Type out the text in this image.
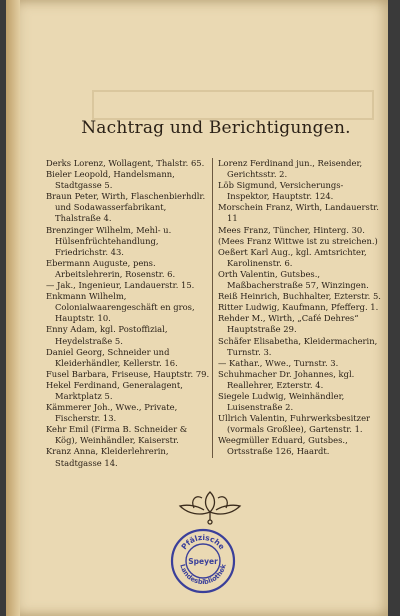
Nachtrag und Berichtigungen.
Derks Lorenz, Wollagent, Thalstr. 65.
Bieler Leopold, Handelsmann, Stadtgasse 5.
Braun Peter, Wirth, Flaschenbierhdlr. und Sodawasserfabrikant, Thalstraße 4.
Brenzinger Wilhelm, Mehl- u. Hülsenfrüchtehandlung, Friedrichstr. 43.
Ebermann Auguste, pens. Arbeitslehrerin, Rosenstr. 6.
— Jak., Ingenieur, Landauerstr. 15.
Enkmann Wilhelm, Colonialwaarengeschäft en gros, Hauptstr. 10.
Enny Adam, kgl. Postoffizial, Heydelstraße 5.
Daniel Georg, Schneider und Kleiderhändler, Kellerstr. 16.
Fusel Barbara, Friseuse, Hauptstr. 79.
Hekel Ferdinand, Generalagent, Marktplatz 5.
Kämmerer Joh., Wwe., Private, Fischerstr. 13.
Kehr Emil (Firma B. Schneider & Kög), Weinhändler, Kaiserstr.
Kranz Anna, Kleiderlehrerin, Stadtgasse 14.
Lorenz Ferdinand jun., Reisender, Gerichtsstr. 2.
Löb Sigmund, Versicherungs-Inspektor, Hauptstr. 124.
Morschein Franz, Wirth, Landauerstr. 11
Mees Franz, Tüncher, Hinterg. 30.
(Mees Franz Wittwe ist zu streichen.)
Oeßert Karl Aug., kgl. Amtsrichter, Karolinenstr. 6.
Orth Valentin, Gutsbes., Maßbacherstraße 57, Winzingen.
Reiß Heinrich, Buchhalter, Ezterstr. 5.
Ritter Ludwig, Kaufmann, Pfefferg. 1.
Rehder M., Wirth, „Café Dehres“ Hauptstraße 29.
Schäfer Elisabetha, Kleidermacherin, Turnstr. 3.
— Kathar., Wwe., Turnstr. 3.
Schuhmacher Dr. Johannes, kgl. Reallehrer, Ezterstr. 4.
Siegele Ludwig, Weinhändler, Luisenstraße 2.
Ullrich Valentin, Fuhrwerksbesitzer (vormals Großlee), Gartenstr. 1.
Weegmüller Eduard, Gutsbes., Ortsstraße 126, Haardt.
Pfälzische
Speyer
Landesbibliothek
